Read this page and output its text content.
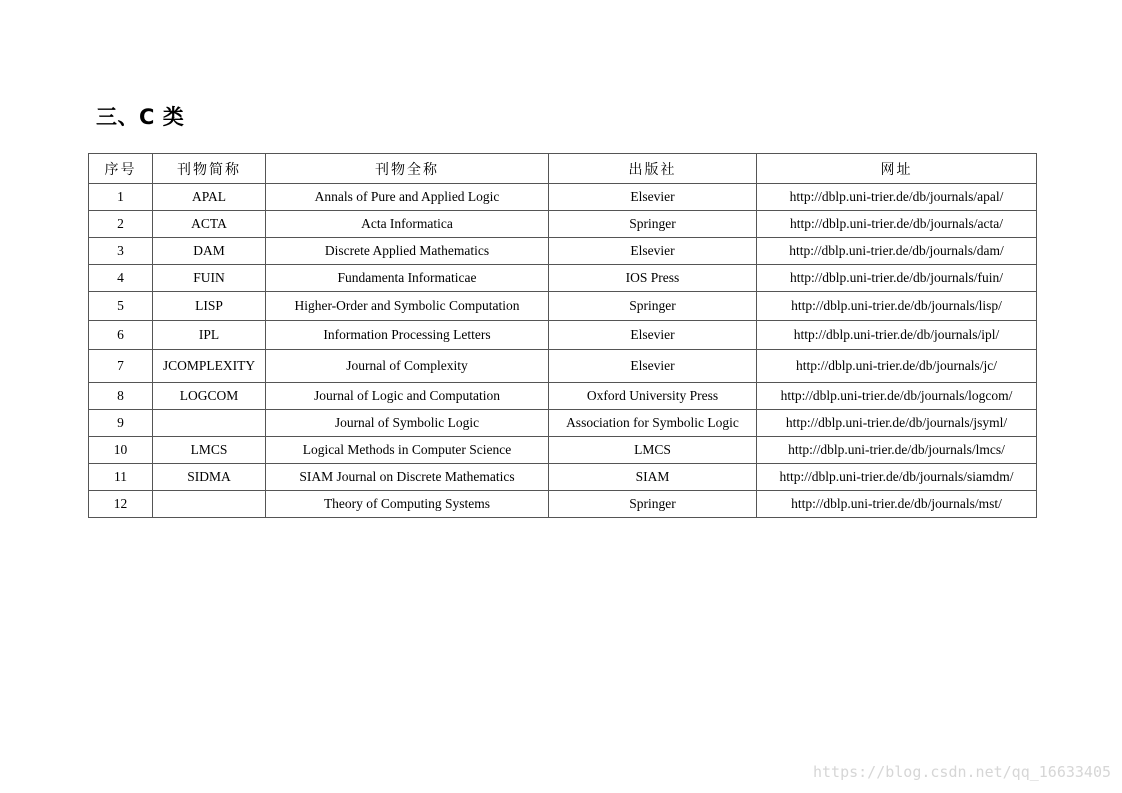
三、C 类
序号	刊物简称	刊物全称	出版社	网址
1	APAL	Annals of Pure and Applied Logic	Elsevier	http://dblp.uni-trier.de/db/journals/apal/
2	ACTA	Acta Informatica	Springer	http://dblp.uni-trier.de/db/journals/acta/
3	DAM	Discrete Applied Mathematics	Elsevier	http://dblp.uni-trier.de/db/journals/dam/
4	FUIN	Fundamenta Informaticae	IOS Press	http://dblp.uni-trier.de/db/journals/fuin/
5	LISP	Higher-Order and Symbolic Computation	Springer	http://dblp.uni-trier.de/db/journals/lisp/
6	IPL	Information Processing Letters	Elsevier	http://dblp.uni-trier.de/db/journals/ipl/
7	JCOMPLEXITY	Journal of Complexity	Elsevier	http://dblp.uni-trier.de/db/journals/jc/
8	LOGCOM	Journal of Logic and Computation	Oxford University Press	http://dblp.uni-trier.de/db/journals/logcom/
9		Journal of Symbolic Logic	Association for Symbolic Logic	http://dblp.uni-trier.de/db/journals/jsyml/
10	LMCS	Logical Methods in Computer Science	LMCS	http://dblp.uni-trier.de/db/journals/lmcs/
11	SIDMA	SIAM Journal on Discrete Mathematics	SIAM	http://dblp.uni-trier.de/db/journals/siamdm/
12		Theory of Computing Systems	Springer	http://dblp.uni-trier.de/db/journals/mst/
https://blog.csdn.net/qq_16633405
